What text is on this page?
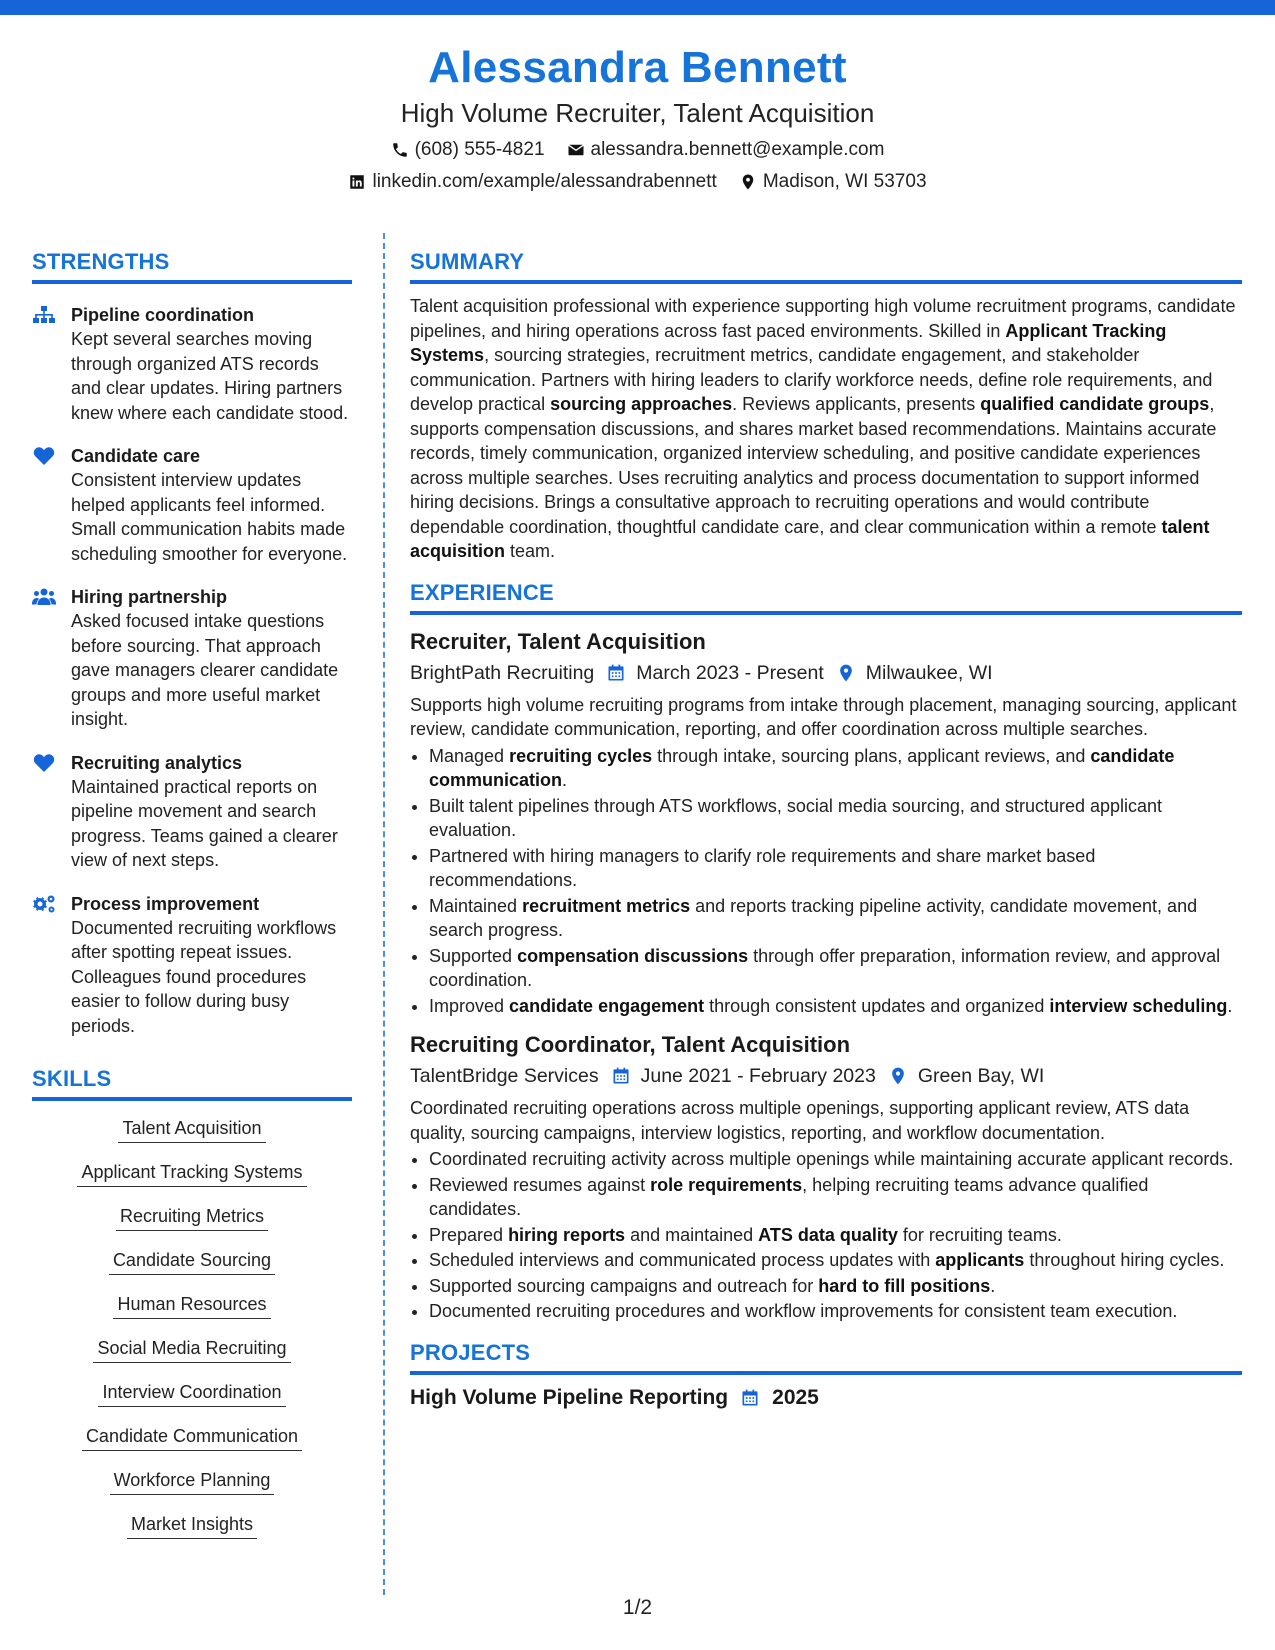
Alessandra Bennett
High Volume Recruiter, Talent Acquisition
(608) 555-4821 alessandra.bennett@example.com
linkedin.com/example/alessandrabennett Madison, WI 53703
STRENGTHS
Pipeline coordination
Kept several searches moving through organized ATS records and clear updates. Hiring partners knew where each candidate stood.
Candidate care
Consistent interview updates helped applicants feel informed. Small communication habits made scheduling smoother for everyone.
Hiring partnership
Asked focused intake questions before sourcing. That approach gave managers clearer candidate groups and more useful market insight.
Recruiting analytics
Maintained practical reports on pipeline movement and search progress. Teams gained a clearer view of next steps.
Process improvement
Documented recruiting workflows after spotting repeat issues. Colleagues found procedures easier to follow during busy periods.
SKILLS
Talent Acquisition
Applicant Tracking Systems
Recruiting Metrics
Candidate Sourcing
Human Resources
Social Media Recruiting
Interview Coordination
Candidate Communication
Workforce Planning
Market Insights
SUMMARY
Talent acquisition professional with experience supporting high volume recruitment programs, candidate pipelines, and hiring operations across fast paced environments. Skilled in Applicant Tracking Systems, sourcing strategies, recruitment metrics, candidate engagement, and stakeholder communication. Partners with hiring leaders to clarify workforce needs, define role requirements, and develop practical sourcing approaches. Reviews applicants, presents qualified candidate groups, supports compensation discussions, and shares market based recommendations. Maintains accurate records, timely communication, organized interview scheduling, and positive candidate experiences across multiple searches. Uses recruiting analytics and process documentation to support informed hiring decisions. Brings a consultative approach to recruiting operations and would contribute dependable coordination, thoughtful candidate care, and clear communication within a remote talent acquisition team.
EXPERIENCE
Recruiter, Talent Acquisition
BrightPath Recruiting March 2023 - Present Milwaukee, WI
Supports high volume recruiting programs from intake through placement, managing sourcing, applicant review, candidate communication, reporting, and offer coordination across multiple searches.
• Managed recruiting cycles through intake, sourcing plans, applicant reviews, and candidate communication.
• Built talent pipelines through ATS workflows, social media sourcing, and structured applicant evaluation.
• Partnered with hiring managers to clarify role requirements and share market based recommendations.
• Maintained recruitment metrics and reports tracking pipeline activity, candidate movement, and search progress.
• Supported compensation discussions through offer preparation, information review, and approval coordination.
• Improved candidate engagement through consistent updates and organized interview scheduling.
Recruiting Coordinator, Talent Acquisition
TalentBridge Services June 2021 - February 2023 Green Bay, WI
Coordinated recruiting operations across multiple openings, supporting applicant review, ATS data quality, sourcing campaigns, interview logistics, reporting, and workflow documentation.
• Coordinated recruiting activity across multiple openings while maintaining accurate applicant records.
• Reviewed resumes against role requirements, helping recruiting teams advance qualified candidates.
• Prepared hiring reports and maintained ATS data quality for recruiting teams.
• Scheduled interviews and communicated process updates with applicants throughout hiring cycles.
• Supported sourcing campaigns and outreach for hard to fill positions.
• Documented recruiting procedures and workflow improvements for consistent team execution.
PROJECTS
High Volume Pipeline Reporting 2025
1/2
